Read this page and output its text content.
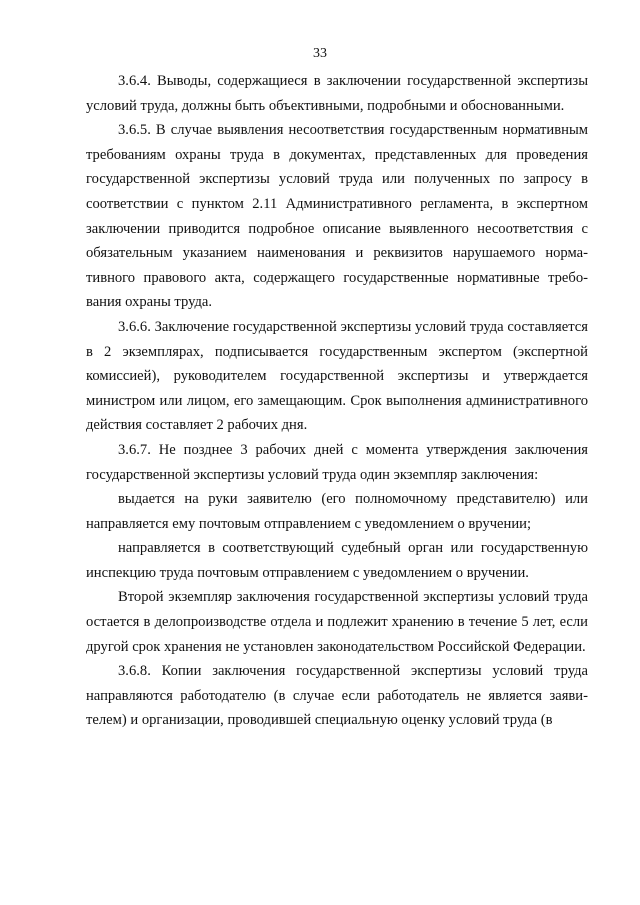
33

3.6.4. Выводы, содержащиеся в заключении государственной экспертизы условий труда, должны быть объективными, подробными и обоснованными.

3.6.5. В случае выявления несоответствия государственным нормативным требованиям охраны труда в документах, представленных для проведения государственной экспертизы условий труда или полученных по запросу в соответствии с пунктом 2.11 Административного регламента, в экспертном заключении приводится подробное описание выявленного несоответствия с обязательным указанием наименования и реквизитов нарушаемого нормативного правового акта, содержащего государственные нормативные требования охраны труда.

3.6.6. Заключение государственной экспертизы условий труда составляется в 2 экземплярах, подписывается государственным экспертом (экспертной комиссией), руководителем государственной экспертизы и утверждается министром или лицом, его замещающим. Срок выполнения административного действия составляет 2 рабочих дня.

3.6.7. Не позднее 3 рабочих дней с момента утверждения заключения государственной экспертизы условий труда один экземпляр заключения:

выдается на руки заявителю (его полномочному представителю) или направляется ему почтовым отправлением с уведомлением о вручении;

направляется в соответствующий судебный орган или государственную инспекцию труда почтовым отправлением с уведомлением о вручении.

Второй экземпляр заключения государственной экспертизы условий труда остается в делопроизводстве отдела и подлежит хранению в течение 5 лет, если другой срок хранения не установлен законодательством Российской Федерации.

3.6.8. Копии заключения государственной экспертизы условий труда направляются работодателю (в случае если работодатель не является заявителем) и организации, проводившей специальную оценку условий труда (в
